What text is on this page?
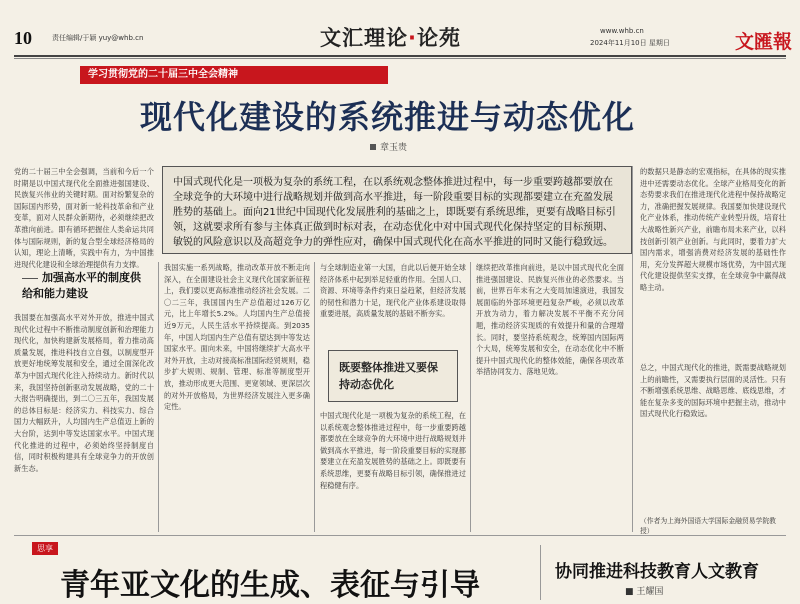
10	责任编辑/于颖 yuy@whb.cn	文汇理论·论苑	www.whb.cn
2024年11月10日 星期日	文匯報
学习贯彻党的二十届三中全会精神
现代化建设的系统推进与动态优化
章玉贵
中国式现代化是一项极为复杂的系统工程，在以系统观念整体推进过程中，每一步重要跨越都要放在全球竞争的大环境中进行战略规划并做到高水平推进，每一阶段重要目标的实现都要建立在充盈发展胜势的基础上。面向21世纪中国现代化发展胜利的基础之上，即既要有系统思维，更要有战略目标引领，这就要求所有参与主体真正做到时标对表，在动态优化中对中国式现代化保持坚定的目标预期、敏锐的风险意识以及高超竞争力的弹性应对，确保中国式现代化在高水平推进的同时又能行稳致远。
党的二十届三中全会强调，当前和今后一个时期是以中国式现代化全面推进强国建设、民族复兴伟业的关键时期。面对纷繁复杂的国际国内形势，面对新一轮科技革命和产业变革，面对人民群众新期待，必须继续把改革推向前进。即有循环把握住人类命运共同体与国际规则，新的复合型全球经济格局的认知，理论上清晰，实践中有力，为中国推进现代化建设和全球治理提供有力支撑。
加强高水平的制度供给和能力建设
我国要在加强高水平对外开放，推进中国式现代化过程中不断推动制度创新和治理能力现代化，加快构建新发展格局，着力推动高质量发展，推进科技自立自强，以制度型开放更好地统筹发展和安全，通过全面深化改革为中国式现代化注入持续动力。新时代以来，我国坚持创新驱动发展战略，党的二十大报告明确提出，到二〇三五年，我国发展的总体目标是：经济实力、科技实力、综合国力大幅跃升，人均国内生产总值迈上新的大台阶，达到中等发达国家水平。中国式现代化推进的过程中，必须始终坚持制度自信，同时积极构建具有全球竞争力的开放创新生态。
我国实施一系列战略，推动改革开放不断走向深入，在全面建设社会主义现代化国家新征程上，我们要以更高标准推动经济社会发展。二〇二三年，我国国内生产总值超过126万亿元，比上年增长5.2%。人均国内生产总值接近9万元，人民生活水平持续提高。到2035年，中国人均国内生产总值有望达到中等发达国家水平。面向未来，中国将继续扩大高水平对外开放，主动对接高标准国际经贸规则，稳步扩大规则、规制、管理、标准等制度型开放，推动形成更大范围、更宽领域、更深层次的对外开放格局，为世界经济发展注入更多确定性。
与全球制造业第一大国，自此以后便开始全球经济体系中起到举足轻重的作用。全国人口、资源、环境等条件约束日益趋紧，但经济发展的韧性和潜力十足，现代化产业体系建设取得重要进展，高质量发展的基础不断夯实。
既要整体推进又要保持动态优化
中国式现代化是一项极为复杂的系统工程，在以系统观念整体推进过程中，每一步重要跨越都要放在全球竞争的大环境中进行战略规划并做到高水平推进，每一阶段重要目标的实现都要建立在充盈发展胜势的基础之上。即既要有系统思维，更要有战略目标引领，确保推进过程稳健有序。
继续把改革推向前进，是以中国式现代化全面推进强国建设、民族复兴伟业的必然要求。当前，世界百年未有之大变局加速演进，我国发展面临的外部环境更趋复杂严峻，必须以改革开放为动力，着力解决发展不平衡不充分问题，推动经济实现质的有效提升和量的合理增长。同时，要坚持系统观念，统筹国内国际两个大局，统筹发展和安全，在动态优化中不断提升中国式现代化的整体效能，确保各项改革举措协同发力、落地见效。
的数据只是静态的宏观指标，在具体的现实推进中还需要动态优化。全球产业格局变化的新态势要求我们在推进现代化进程中保持战略定力，准确把握发展规律。我国要加快建设现代化产业体系，推动传统产业转型升级，培育壮大战略性新兴产业，前瞻布局未来产业，以科技创新引领产业创新。与此同时，要着力扩大国内需求，增强消费对经济发展的基础性作用，充分发挥超大规模市场优势，为中国式现代化建设提供坚实支撑，在全球竞争中赢得战略主动。
总之，中国式现代化的推进，既需要战略规划上的前瞻性，又需要执行层面的灵活性。只有不断增强系统思维、战略思维、底线思维，才能在复杂多变的国际环境中把握主动，推动中国式现代化行稳致远。
（作者为上海外国语大学国际金融贸易学院教授）
思享
青年亚文化的生成、表征与引导	协同推进科技教育人文教育
■ 王耀国
